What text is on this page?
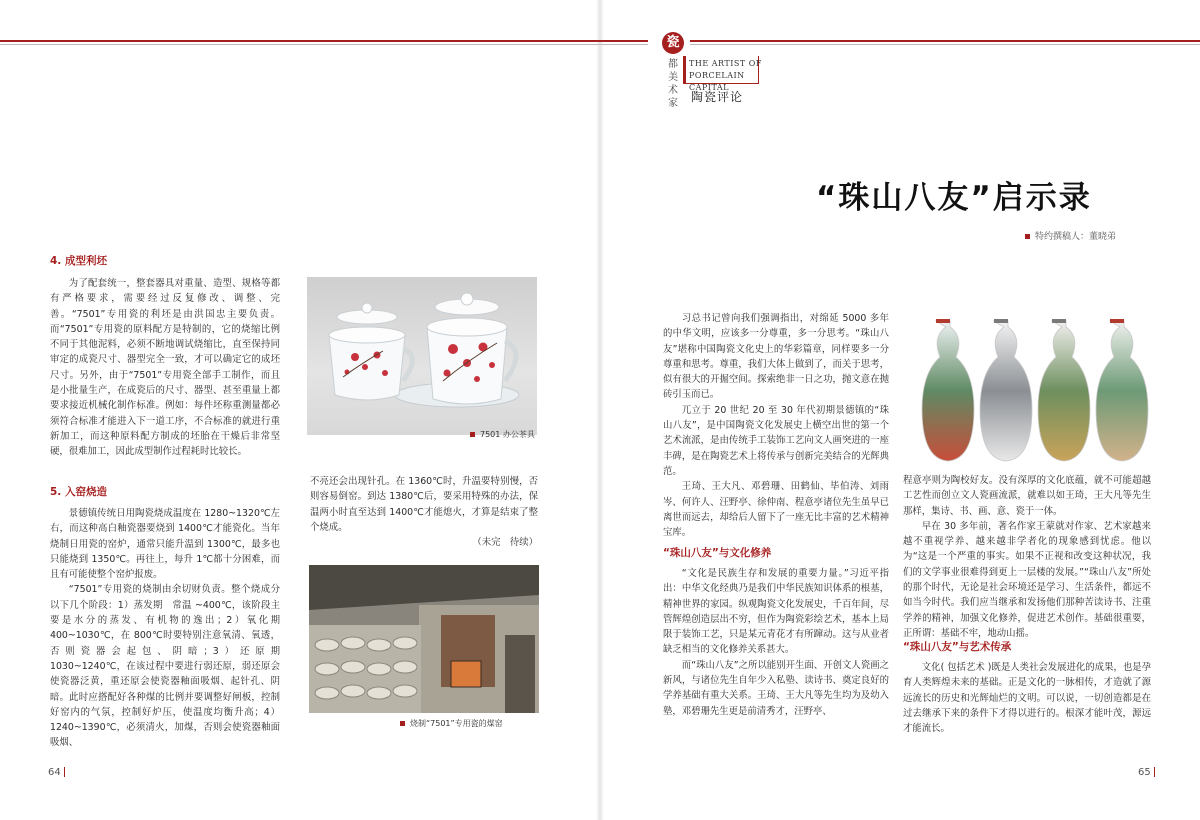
瓷
都美术家
THE ARTIST OF
PORCELAIN CAPITAL
陶瓷评论
“珠山八友”启示录
特约撰稿人：董晓弟
4. 成型利坯

为了配套统一，整套器具对重量、造型、规格等都有严格要求，需要经过反复修改、调整、完善。“7501”专用瓷的利坯是由洪国忠主要负责。而“7501”专用瓷的原料配方是特制的，它的烧缩比例不同于其他泥料，必须不断地调试烧缩比，直至保持同审定的成瓷尺寸、器型完全一致，才可以确定它的成坯尺寸。另外，由于“7501”专用瓷全部手工制作，而且是小批量生产，在成瓷后的尺寸、器型、甚至重量上都要求接近机械化制作标准。例如：每件坯称重测量都必须符合标准才能进入下一道工序，不合标准的就进行重新加工，而这种原料配方制成的坯胎在干燥后非常坚硬，很难加工，因此成型制作过程耗时比较长。

5. 入窑烧造

景德镇传统日用陶瓷烧成温度在 1280~1320℃左右，而这种高白釉瓷器要烧到 1400℃才能瓷化。当年烧制日用瓷的窑炉，通常只能升温到 1300℃，最多也只能烧到 1350℃。再往上，每升 1℃都十分困难，而且有可能使整个窑炉报废。

“7501”专用瓷的烧制由余切财负责。整个烧成分以下几个阶段：1）蒸发期　常温 ~400℃，该阶段主要是水分的蒸发、有机物的逸出；2）氧化期　400~1030℃，在 800℃时要特别注意氧清、氧透，否则瓷器会起包、阴暗；3）还原期　1030~1240℃，在该过程中要进行弱还原，弱还原会使瓷器泛黄，重还原会使瓷器釉面吸烟、起针孔、阴暗。此时应搭配好各种煤的比例并要调整好闸板，控制好窑内的气氛，控制好炉压，使温度均衡升高；4）1240~1390℃，必须清火，加煤，否则会使瓷器釉面吸烟、

7501 办公茶具

不亮还会出现针孔。在 1360℃时，升温要特别慢，否则容易倒窑。到达 1380℃后，要采用特殊的办法，保温两小时直至达到 1400℃才能熄火，才算是结束了整个烧成。

（未完　待续）

烧制“7501”专用瓷的煤窑
64

习总书记曾向我们强调指出，对绵延 5000 多年的中华文明，应该多一分尊重，多一分思考。“珠山八友”堪称中国陶瓷文化史上的华彩篇章，同样要多一分尊重和思考。尊重，我们大体上做到了，而关于思考，似有很大的开掘空间。探索绝非一日之功，抛文意在抛砖引玉而已。

兀立于 20 世纪 20 至 30 年代初期景德镇的“珠山八友”，是中国陶瓷文化发展史上横空出世的第一个艺术流派，是由传统手工装饰工艺向文人画突进的一座丰碑，是在陶瓷艺术上将传承与创新完美结合的光辉典范。

王琦、王大凡、邓碧珊、田鹤仙、毕伯涛、刘雨岑、何许人、汪野亭、徐仲南、程意亭诸位先生虽早已离世而远去，却给后人留下了一座无比丰富的艺术精神宝库。

“珠山八友”与文化修养

“文化是民族生存和发展的重要力量。”习近平指出：中华文化经典乃是我们中华民族知识体系的根基，精神世界的家园。纵观陶瓷文化发展史，千百年间，尽管辉煌创造层出不穷，但作为陶瓷彩绘艺术，基本上局限于装饰工艺，只是某元青花才有所蹿动。这与从业者缺乏相当的文化修养关系甚大。

而“珠山八友”之所以能别开生面、开创文人瓷画之新风，与诸位先生自年少入私塾、读诗书、奠定良好的学养基础有重大关系。王琦、王大凡等先生均为及幼入塾，邓碧珊先生更是前清秀才，汪野亭、

程意亭则为陶校好友。没有深厚的文化底蕴，就不可能超越工艺性而创立文人瓷画流派，就难以如王琦，王大凡等先生那样，集诗、书、画、意、瓷于一体。

早在 30 多年前，著名作家王蒙就对作家、艺术家越来越不重视学养、越来越非学者化的现象感到忧虑。他以为“这是一个严重的事实。如果不正视和改变这种状况，我们的文学事业很难得到更上一层楼的发展。”“珠山八友”所处的那个时代，无论是社会环境还是学习、生活条件，都远不如当今时代。我们应当继承和发扬他们那种苦读诗书、注重学养的精神，加强文化修养，促进艺术创作。基础很重要，正所谓：基础不牢，地动山摇。

“珠山八友”与艺术传承

文化( 包括艺术 )既是人类社会发展进化的成果，也是孕育人类辉煌未来的基础。正是文化的一脉相传，才造就了源远流长的历史和光辉灿烂的文明。可以说，一切创造都是在过去继承下来的条件下才得以进行的。根深才能叶茂，源远才能流长。

65
